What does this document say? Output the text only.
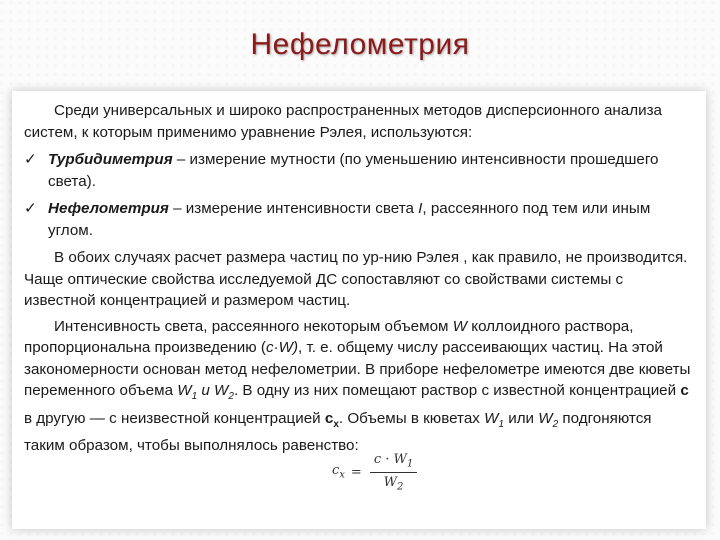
Нефелометрия

Среди универсальных и широко распространенных методов дисперсионного анализа систем, к которым применимо уравнение Рэлея, используются:

✓ Турбидиметрия – измерение мутности (по уменьшению интенсивности прошедшего света).
✓ Нефелометрия – измерение интенсивности света I, рассеянного под тем или иным углом.

В обоих случаях расчет размера частиц по ур-нию Рэлея , как правило, не производится. Чаще оптические свойства исследуемой ДС сопоставляют со свойствами системы с известной концентрацией и размером частиц.

Интенсивность света, рассеянного некоторым объемом W коллоидного раствора, пропорциональна произведению (c·W), т. е. общему числу рассеивающих частиц. На этой закономерности основан метод нефелометрии. В приборе нефелометре имеются две кюветы переменного объема $W_1$ и $W_2$. В одну из них помещают раствор с известной концентрацией с в другую — с неизвестной концентрацией $c_x$. Объемы в кюветах $W_1$ или $W_2$ подгоняются таким образом, чтобы выполнялось равенство:

$c_x = \frac{c \cdot W_1}{W_2}$
